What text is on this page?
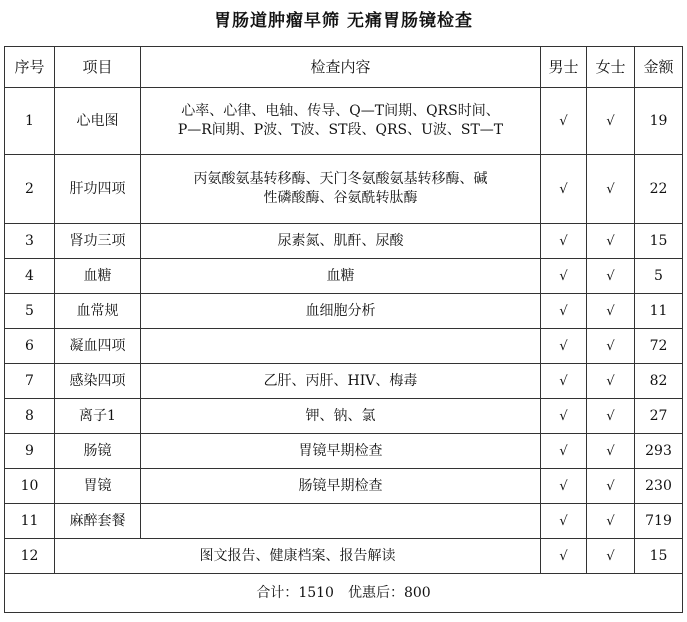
胃肠道肿瘤早筛 无痛胃肠镜检查
序号	项目	检查内容	男士	女士	金额
1	心电图	心率、心律、电轴、传导、Q—T间期、QRS时间、
P—R间期、P波、T波、ST段、QRS、U波、ST—T	√	√	19
2	肝功四项	丙氨酸氨基转移酶、天门冬氨酸氨基转移酶、碱
性磷酸酶、谷氨酰转肽酶	√	√	22
3	肾功三项	尿素氮、肌酐、尿酸	√	√	15
4	血糖	血糖	√	√	5
5	血常规	血细胞分析	√	√	11
6	凝血四项		√	√	72
7	感染四项	乙肝、丙肝、HIV、梅毒	√	√	82
8	离子1	钾、钠、氯	√	√	27
9	肠镜	胃镜早期检查	√	√	293
10	胃镜	肠镜早期检查	√	√	230
11	麻醉套餐		√	√	719
12	图文报告、健康档案、报告解读		√	√	15
合计：1510 优惠后：800					
